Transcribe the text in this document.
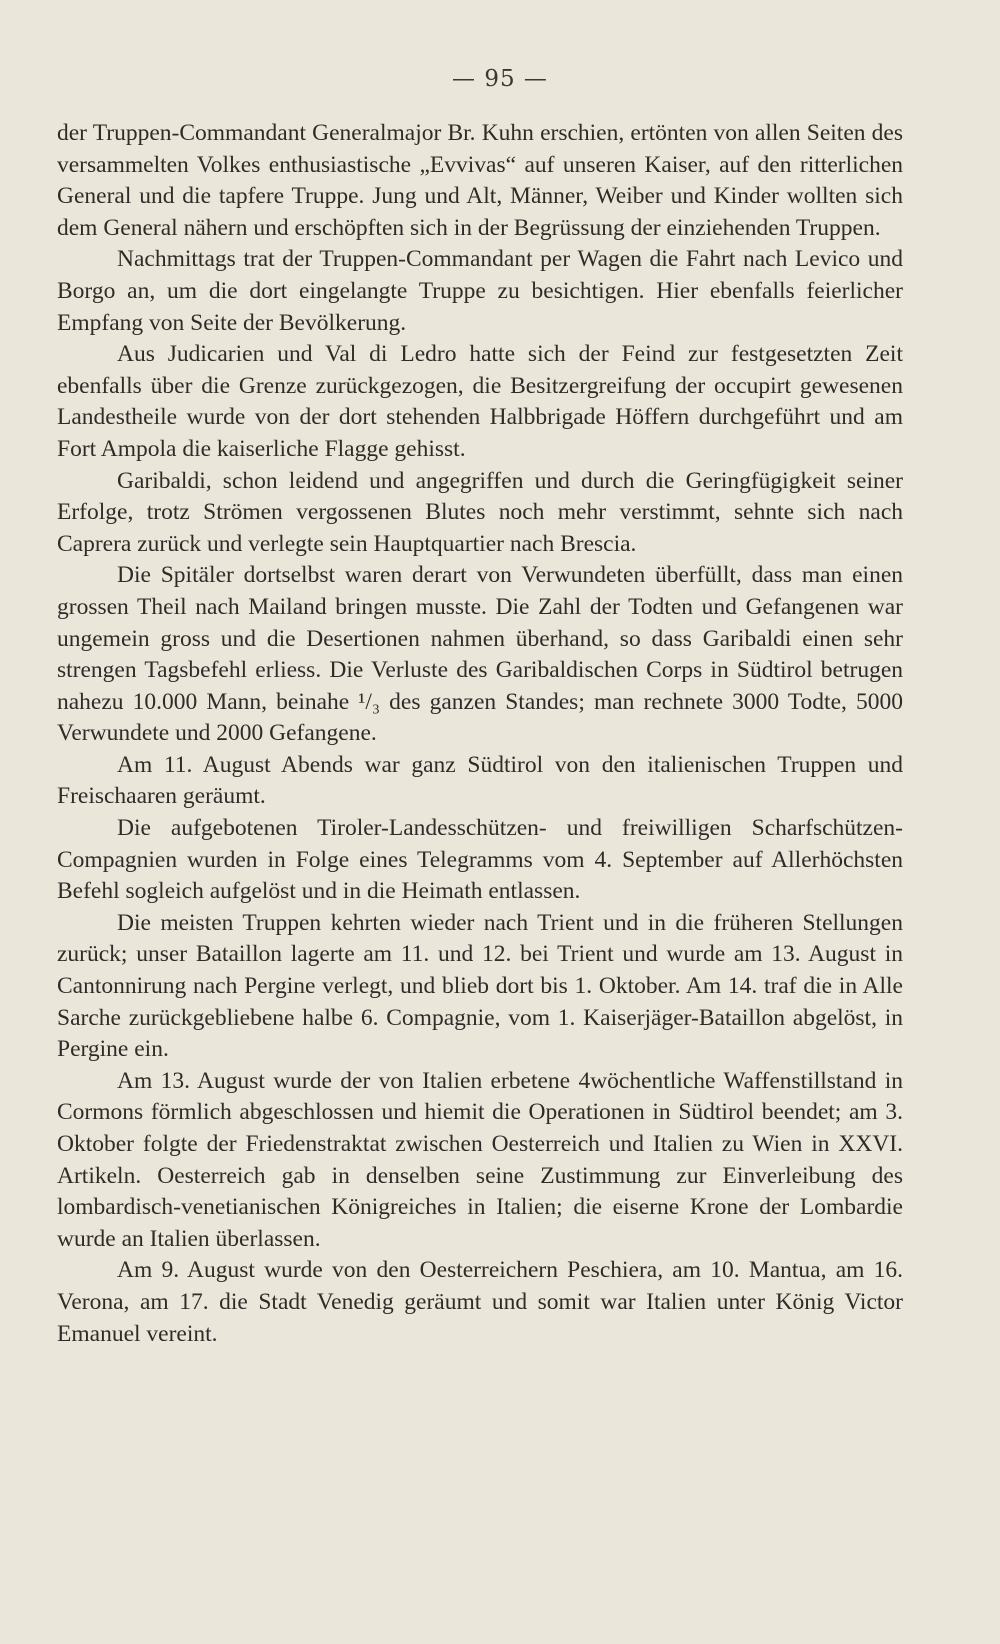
— 95 —

der Truppen-Commandant Generalmajor Br. Kuhn erschien, ertönten von allen Seiten des versammelten Volkes enthusiastische „Evvivas“ auf unseren Kaiser, auf den ritterlichen General und die tapfere Truppe. Jung und Alt, Männer, Weiber und Kinder wollten sich dem General nähern und erschöpften sich in der Begrüssung der einziehenden Truppen.

Nachmittags trat der Truppen-Commandant per Wagen die Fahrt nach Levico und Borgo an, um die dort eingelangte Truppe zu besichtigen. Hier ebenfalls feierlicher Empfang von Seite der Bevölkerung.

Aus Judicarien und Val di Ledro hatte sich der Feind zur festgesetzten Zeit ebenfalls über die Grenze zurückgezogen, die Besitzergreifung der occupirt gewesenen Landestheile wurde von der dort stehenden Halbbrigade Höffern durchgeführt und am Fort Ampola die kaiserliche Flagge gehisst.

Garibaldi, schon leidend und angegriffen und durch die Geringfügigkeit seiner Erfolge, trotz Strömen vergossenen Blutes noch mehr verstimmt, sehnte sich nach Caprera zurück und verlegte sein Hauptquartier nach Brescia.

Die Spitäler dortselbst waren derart von Verwundeten überfüllt, dass man einen grossen Theil nach Mailand bringen musste. Die Zahl der Todten und Gefangenen war ungemein gross und die Desertionen nahmen überhand, so dass Garibaldi einen sehr strengen Tagsbefehl erliess. Die Verluste des Garibaldischen Corps in Südtirol betrugen nahezu 10.000 Mann, beinahe ¹/₃ des ganzen Standes; man rechnete 3000 Todte, 5000 Verwundete und 2000 Gefangene.

Am 11. August Abends war ganz Südtirol von den italienischen Truppen und Freischaaren geräumt.

Die aufgebotenen Tiroler-Landesschützen- und freiwilligen Scharfschützen-Compagnien wurden in Folge eines Telegramms vom 4. September auf Allerhöchsten Befehl sogleich aufgelöst und in die Heimath entlassen.

Die meisten Truppen kehrten wieder nach Trient und in die früheren Stellungen zurück; unser Bataillon lagerte am 11. und 12. bei Trient und wurde am 13. August in Cantonnirung nach Pergine verlegt, und blieb dort bis 1. Oktober. Am 14. traf die in Alle Sarche zurückgebliebene halbe 6. Compagnie, vom 1. Kaiserjäger-Bataillon abgelöst, in Pergine ein.

Am 13. August wurde der von Italien erbetene 4wöchentliche Waffenstillstand in Cormons förmlich abgeschlossen und hiemit die Operationen in Südtirol beendet; am 3. Oktober folgte der Friedenstraktat zwischen Oesterreich und Italien zu Wien in XXVI. Artikeln. Oesterreich gab in denselben seine Zustimmung zur Einverleibung des lombardisch-venetianischen Königreiches in Italien; die eiserne Krone der Lombardie wurde an Italien überlassen.

Am 9. August wurde von den Oesterreichern Peschiera, am 10. Mantua, am 16. Verona, am 17. die Stadt Venedig geräumt und somit war Italien unter König Victor Emanuel vereint.
